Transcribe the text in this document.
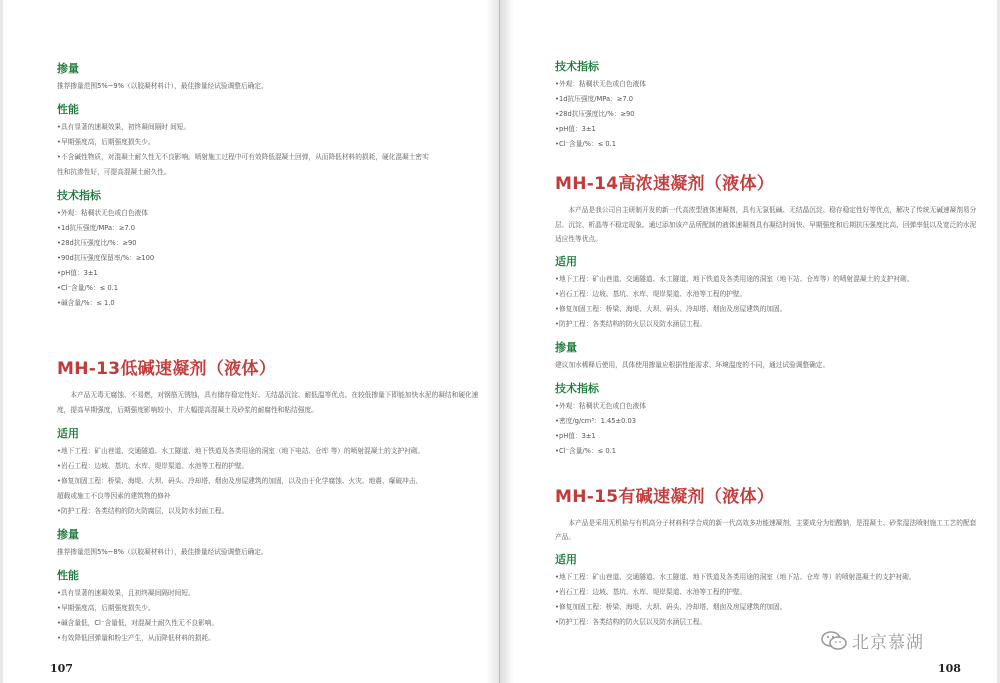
掺量

推荐掺量范围5%~9%（以胶凝材料计），最佳掺量经试验调整后确定。

性能

•具有显著的速凝效果，初终凝间隔时 间短。

•早期强度高，后期强度损失少。

•不含碱性物质，对混凝土耐久性无不良影响。喷射施工过程中可有效降低混凝土回弹，从而降低材料的损耗，硬化混凝土密实

性和抗渗性好，可提高混凝土耐久性。

技术指标

•外观：粘稠状无色或白色液体

•1d抗压强度/MPa：≥7.0

•28d抗压强度比/%：≥90

•90d抗压强度保留率/%：≥100

•pH值：3±1

•Cl⁻含量/%：≤ 0.1

•碱含量/%：≤ 1.0

MH-13低碱速凝剂（液体）

本产品无毒无腐蚀、不易燃，对钢筋无锈蚀，具有储存稳定性好、无结晶沉淀、耐低温等优点。在较低掺量下即能加快水泥的凝结和硬化速度，提高早期强度，后期强度影响较小，并大幅提高混凝土及砂浆的耐腐性和粘结强度。

适用

•地下工程：矿山巷道、交通隧道、水工隧道、地下铁道及各类用途的洞室（地下电站、仓库 等）的喷射混凝土的支护衬砌。

•岩石工程：边坡、基坑、水库、堤岸渠道、水池等工程的护壁。

•修复加固工程：桥梁、海堤、大坝、码头、冷却塔、烟囱及房屋建筑的加固，以及由于化学腐蚀、火灾、地震、爆破冲击、

超载或施工不良等因素的建筑物的修补

•防护工程：各类结构的防火防腐层，以及防水封面工程。

掺量

推荐掺量范围5%~8%（以胶凝材料计），最佳掺量经试验调整后确定。

性能

•具有显著的速凝效果，且初终凝间隔时间短。

•早期强度高，后期强度损失少。

•碱含量低，Cl⁻含量低，对混凝土耐久性无不良影响。

•有效降低回弹量和粉尘产生，从而降低材料的损耗。

107

技术指标

•外观：粘稠状无色或白色液体

•1d抗压强度/MPa：≥7.0

•28d抗压强度比/%：≥90

•pH值：3±1

•Cl⁻含量/%：≤ 0.1

MH-14高浓速凝剂（液体）

本产品是我公司自主研制开发的新一代高浓型液体速凝剂，具有无氯低碱、无结晶沉淀、稳存稳定性好等优点，解决了传统无碱速凝剂易分层、沉淀、析晶等不稳定现象。通过添加该产品所配制的液体速凝剂具有凝结时间快、早期强度和后期抗压强度比高、回弹率低以及宽泛的水泥适应性等优点。

适用

•地下工程：矿山巷道、交通隧道、水工隧道、地下铁道及各类用途的洞室（地下站、仓库等）的喷射混凝土的支护衬砌。

•岩石工程：边坡、基坑、水库、堤岸渠道、水池等工程的护壁。

•修复加固工程：桥梁、海堤、大坝、码头、冷却塔、烟囱及房屋建筑的加固。

•防护工程：各类结构的防火层以及防水涵层工程。

掺量

建议加水稀释后使用，具体使用掺量应根据性能需求、环境温度的不同，通过试验调整确定。

技术指标

•外观：粘稠状无色或白色液体

•密度/g/cm³：1.45±0.03

•pH值：3±1

•Cl⁻含量/%：≤ 0.1

MH-15有碱速凝剂（液体）

本产品是采用无机盐与有机高分子材料科学合成的新一代高效多功能速凝剂，主要成分为铝酸钠，是混凝土、砂浆湿法喷射施工工艺的配套产品。

适用

•地下工程：矿山巷道、交通隧道、水工隧道、地下铁道及各类用途的洞室（地下站、仓库 等）的喷射混凝土的支护衬砌。

•岩石工程：边坡、基坑、水库、堤岸渠道、水池等工程的护壁。

•修复加固工程：桥梁、海堤、大坝、码头、冷却塔、烟囱及房屋建筑的加固。

•防护工程：各类结构的防火层以及防水涵层工程。

北京慕湖
108
